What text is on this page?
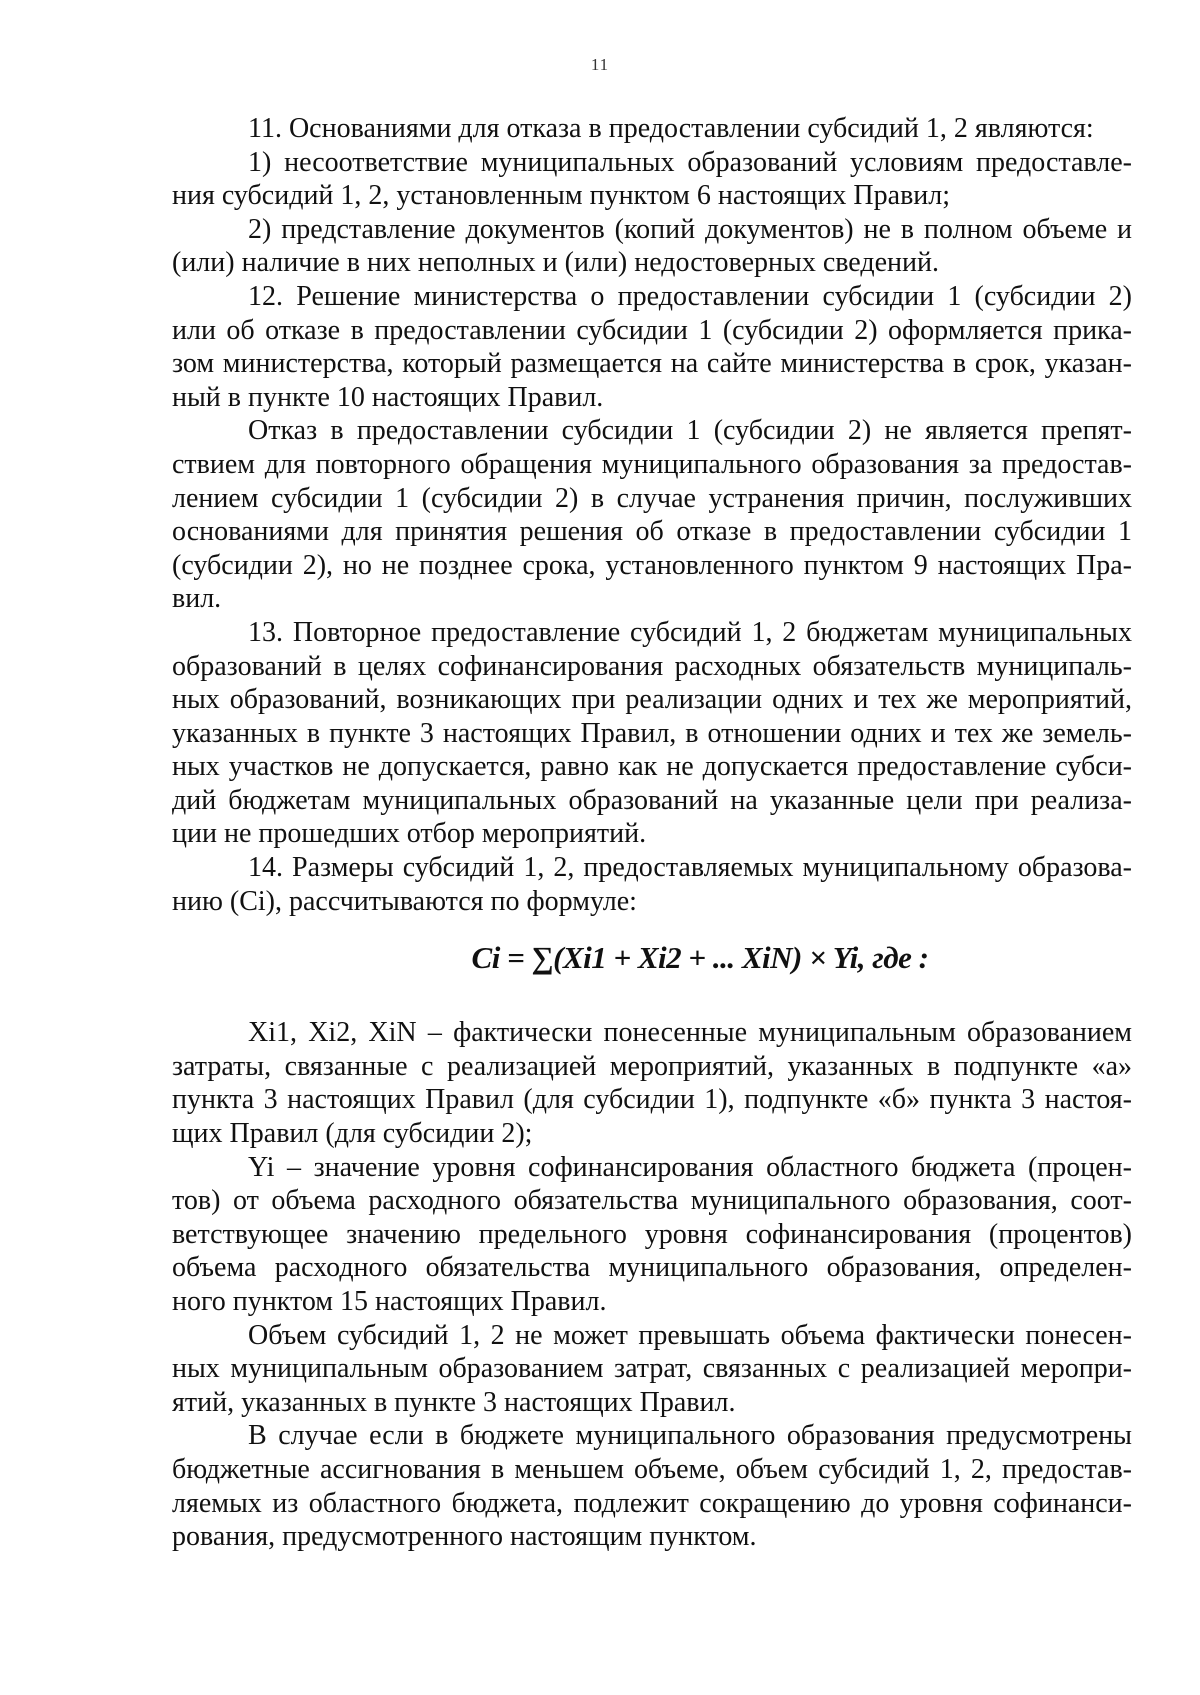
11
11. Основаниями для отказа в предоставлении субсидий 1, 2 являются:
1) несоответствие муниципальных образований условиям предоставле-
ния субсидий 1, 2, установленным пунктом 6 настоящих Правил;
2) представление документов (копий документов) не в полном объеме и
(или) наличие в них неполных и (или) недостоверных сведений.
12. Решение министерства о предоставлении субсидии 1 (субсидии 2)
или об отказе в предоставлении субсидии 1 (субсидии 2) оформляется прика-
зом министерства, который размещается на сайте министерства в срок, указан-
ный в пункте 10 настоящих Правил.
Отказ в предоставлении субсидии 1 (субсидии 2) не является препят-
ствием для повторного обращения муниципального образования за предостав-
лением субсидии 1 (субсидии 2) в случае устранения причин, послуживших
основаниями для принятия решения об отказе в предоставлении субсидии 1
(субсидии 2), но не позднее срока, установленного пунктом 9 настоящих Пра-
вил.
13. Повторное предоставление субсидий 1, 2 бюджетам муниципальных
образований в целях софинансирования расходных обязательств муниципаль-
ных образований, возникающих при реализации одних и тех же мероприятий,
указанных в пункте 3 настоящих Правил, в отношении одних и тех же земель-
ных участков не допускается, равно как не допускается предоставление субси-
дий бюджетам муниципальных образований на указанные цели при реализа-
ции не прошедших отбор мероприятий.
14. Размеры субсидий 1, 2, предоставляемых муниципальному образова-
нию (Ci), рассчитываются по формуле:
Ci = ∑(Xi1 + Xi2 + ... XiN) × Yi, где :
Xi1, Xi2, XiN – фактически понесенные муниципальным образованием
затраты, связанные с реализацией мероприятий, указанных в подпункте «а»
пункта 3 настоящих Правил (для субсидии 1), подпункте «б» пункта 3 настоя-
щих Правил (для субсидии 2);
Yi – значение уровня софинансирования областного бюджета (процен-
тов) от объема расходного обязательства муниципального образования, соот-
ветствующее значению предельного уровня софинансирования (процентов)
объема расходного обязательства муниципального образования, определен-
ного пунктом 15 настоящих Правил.
Объем субсидий 1, 2 не может превышать объема фактически понесен-
ных муниципальным образованием затрат, связанных с реализацией меропри-
ятий, указанных в пункте 3 настоящих Правил.
В случае если в бюджете муниципального образования предусмотрены
бюджетные ассигнования в меньшем объеме, объем субсидий 1, 2, предостав-
ляемых из областного бюджета, подлежит сокращению до уровня софинанси-
рования, предусмотренного настоящим пунктом.
